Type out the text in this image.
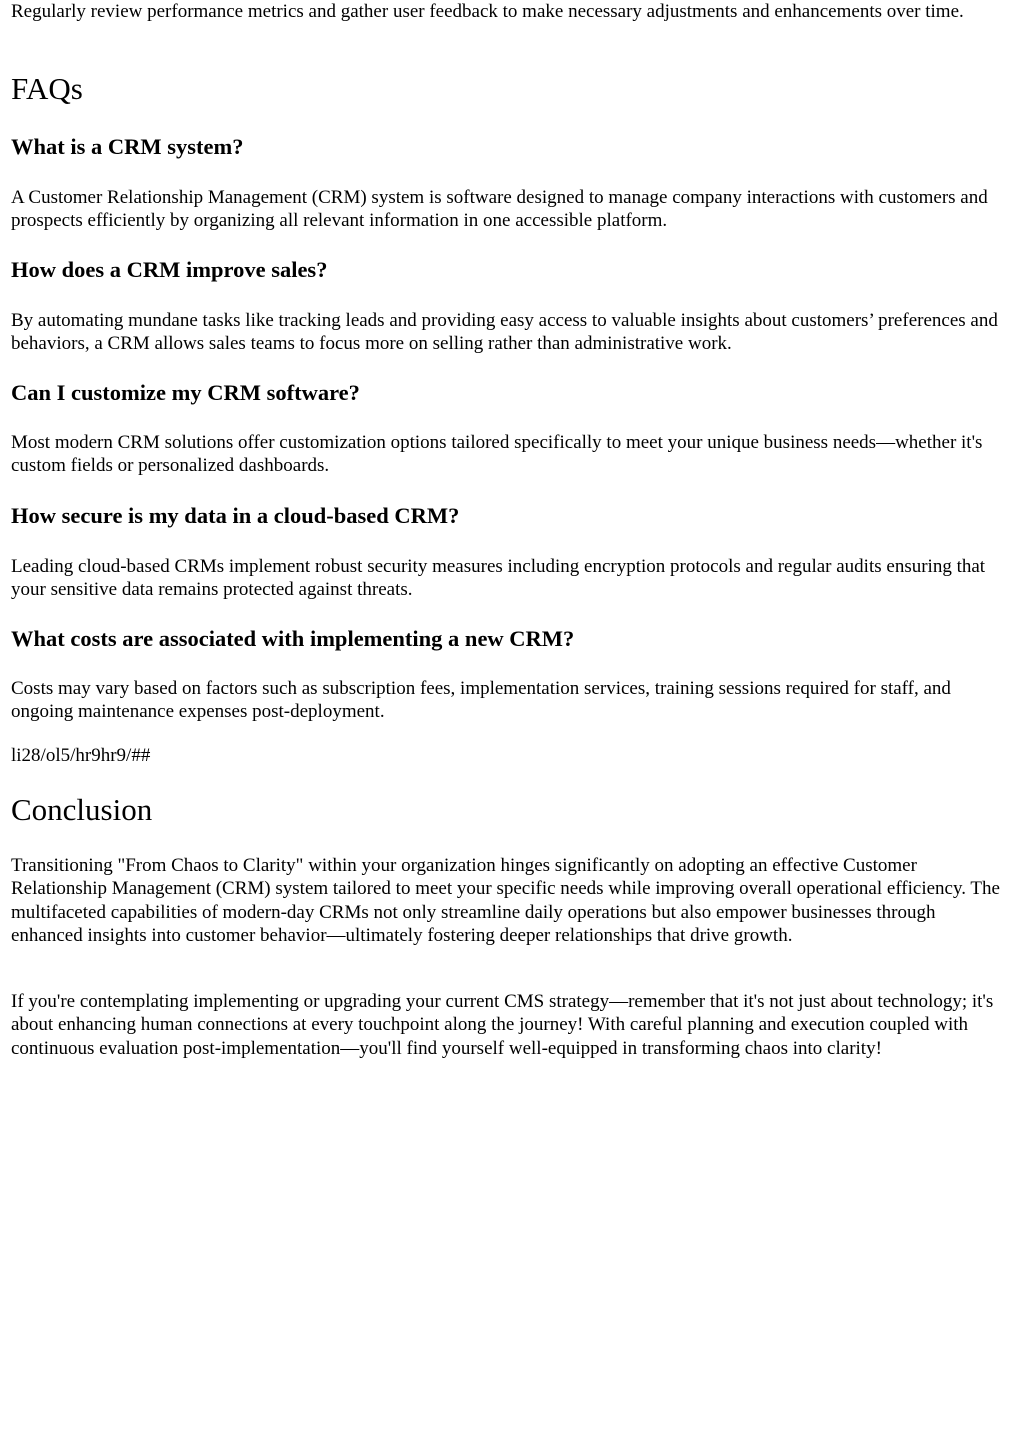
Regularly review performance metrics and gather user feedback to make necessary adjustments and enhancements over time.

FAQs
What is a CRM system?

A Customer Relationship Management (CRM) system is software designed to manage company interactions with customers and prospects efficiently by organizing all relevant information in one accessible platform.

How does a CRM improve sales?

By automating mundane tasks like tracking leads and providing easy access to valuable insights about customers’ preferences and behaviors, a CRM allows sales teams to focus more on selling rather than administrative work.

Can I customize my CRM software?

Most modern CRM solutions offer customization options tailored specifically to meet your unique business needs—whether it's custom fields or personalized dashboards.

How secure is my data in a cloud-based CRM?

Leading cloud-based CRMs implement robust security measures including encryption protocols and regular audits ensuring that your sensitive data remains protected against threats.

What costs are associated with implementing a new CRM?

Costs may vary based on factors such as subscription fees, implementation services, training sessions required for staff, and ongoing maintenance expenses post-deployment.

li28/ol5/hr9hr9/##

Conclusion

Transitioning "From Chaos to Clarity" within your organization hinges significantly on adopting an effective Customer Relationship Management (CRM) system tailored to meet your specific needs while improving overall operational efficiency. The multifaceted capabilities of modern-day CRMs not only streamline daily operations but also empower businesses through enhanced insights into customer behavior—ultimately fostering deeper relationships that drive growth.

If you're contemplating implementing or upgrading your current CMS strategy—remember that it's not just about technology; it's about enhancing human connections at every touchpoint along the journey! With careful planning and execution coupled with continuous evaluation post-implementation—you'll find yourself well-equipped in transforming chaos into clarity!
